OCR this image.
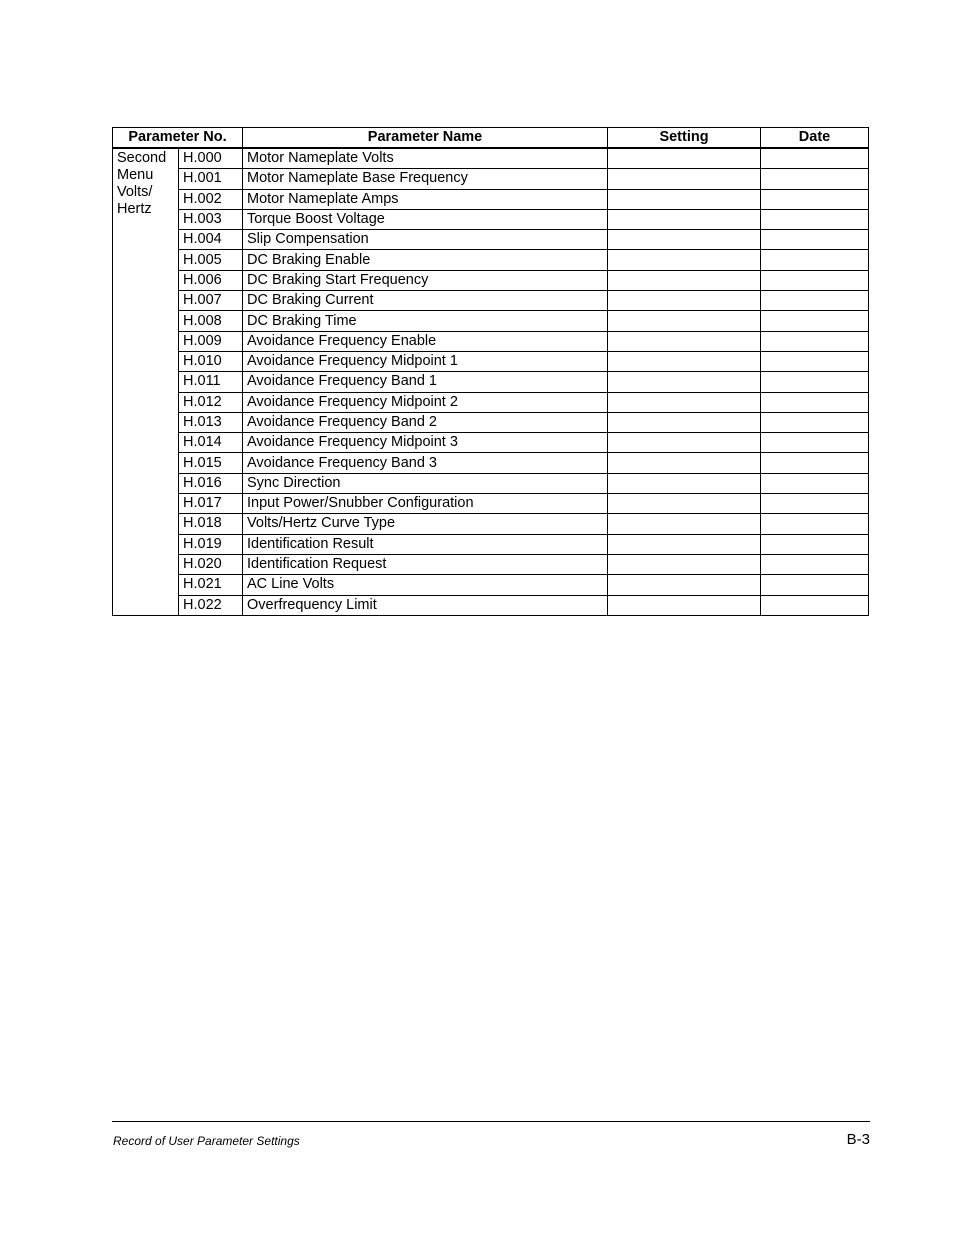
Parameter No.		Parameter Name	Setting	Date

Second
Menu
Volts/
Hertz	H.000	Motor Nameplate Volts		
	H.001	Motor Nameplate Base Frequency		
	H.002	Motor Nameplate Amps		
	H.003	Torque Boost Voltage		
	H.004	Slip Compensation		
	H.005	DC Braking Enable		
	H.006	DC Braking Start Frequency		
	H.007	DC Braking Current		
	H.008	DC Braking Time		
	H.009	Avoidance Frequency Enable		
	H.010	Avoidance Frequency Midpoint 1		
	H.011	Avoidance Frequency Band 1		
	H.012	Avoidance Frequency Midpoint 2		
	H.013	Avoidance Frequency Band 2		
	H.014	Avoidance Frequency Midpoint 3		
	H.015	Avoidance Frequency Band 3		
	H.016	Sync Direction		
	H.017	Input Power/Snubber Configuration		
	H.018	Volts/Hertz Curve Type		
	H.019	Identification Result		
	H.020	Identification Request		
	H.021	AC Line Volts		
	H.022	Overfrequency Limit		
Record of User Parameter Settings	B-3
